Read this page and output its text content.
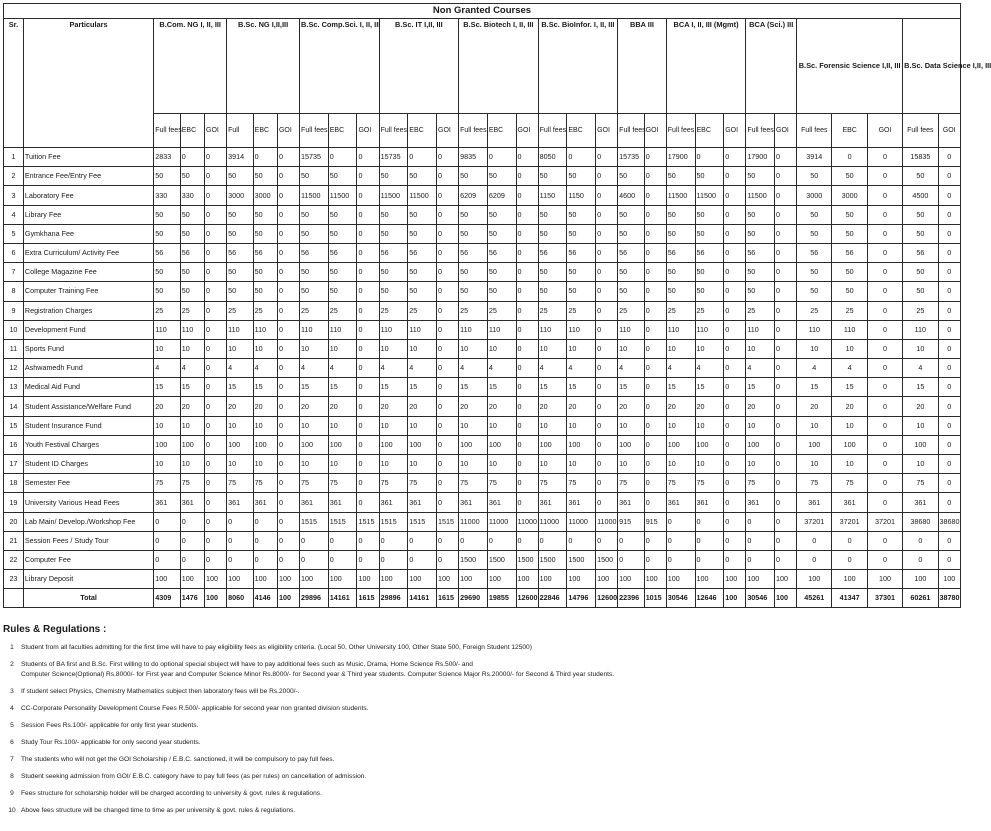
Non Granted Courses																															
Sr.	Particulars	B.Com. NG I, II, III			B.Sc. NG I,II,III			B.Sc. Comp.Sci. I, II, III			B.Sc. IT I,II, III			B.Sc. Biotech I, II, III			B.Sc. BioInfor. I, II, III			BBA III		BCA I, II, III (Mgmt)			BCA (Sci.) III		B.Sc. Forensic Science I,II, III			B.Sc. Data Science I,II, III	
		Full fees	EBC	GOI	Full	EBC	GOI	Full fees	EBC	GOI	Full fees	EBC	GOI	Full fees	EBC	GOI	Full fees	EBC	GOI	Full fees	GOI	Full fees	EBC	GOI	Full fees	GOI	Full fees	EBC	GOI	Full fees	GOI
1	Tuition Fee	2833	0	0	3914	0	0	15735	0	0	15735	0	0	9835	0	0	8050	0	0	15735	0	17900	0	0	17900	0	3914	0	0	15835	0
2	Entrance Fee/Entry Fee	50	50	0	50	50	0	50	50	0	50	50	0	50	50	0	50	50	0	50	0	50	50	0	50	0	50	50	0	50	0
3	Laboratory Fee	330	330	0	3000	3000	0	11500	11500	0	11500	11500	0	6209	6209	0	1150	1150	0	4600	0	11500	11500	0	11500	0	3000	3000	0	4500	0
4	Library Fee	50	50	0	50	50	0	50	50	0	50	50	0	50	50	0	50	50	0	50	0	50	50	0	50	0	50	50	0	50	0
5	Gymkhana Fee	50	50	0	50	50	0	50	50	0	50	50	0	50	50	0	50	50	0	50	0	50	50	0	50	0	50	50	0	50	0
6	Extra Curriculum/ Activity Fee	56	56	0	56	56	0	56	56	0	56	56	0	56	56	0	56	56	0	56	0	56	56	0	56	0	56	56	0	56	0
7	College Magazine Fee	50	50	0	50	50	0	50	50	0	50	50	0	50	50	0	50	50	0	50	0	50	50	0	50	0	50	50	0	50	0
8	Computer Training Fee	50	50	0	50	50	0	50	50	0	50	50	0	50	50	0	50	50	0	50	0	50	50	0	50	0	50	50	0	50	0
9	Registration Charges	25	25	0	25	25	0	25	25	0	25	25	0	25	25	0	25	25	0	25	0	25	25	0	25	0	25	25	0	25	0
10	Development Fund	110	110	0	110	110	0	110	110	0	110	110	0	110	110	0	110	110	0	110	0	110	110	0	110	0	110	110	0	110	0
11	Sports Fund	10	10	0	10	10	0	10	10	0	10	10	0	10	10	0	10	10	0	10	0	10	10	0	10	0	10	10	0	10	0
12	Ashwamedh Fund	4	4	0	4	4	0	4	4	0	4	4	0	4	4	0	4	4	0	4	0	4	4	0	4	0	4	4	0	4	0
13	Medical Aid Fund	15	15	0	15	15	0	15	15	0	15	15	0	15	15	0	15	15	0	15	0	15	15	0	15	0	15	15	0	15	0
14	Student Assistance/Welfare Fund	20	20	0	20	20	0	20	20	0	20	20	0	20	20	0	20	20	0	20	0	20	20	0	20	0	20	20	0	20	0
15	Student Insurance Fund	10	10	0	10	10	0	10	10	0	10	10	0	10	10	0	10	10	0	10	0	10	10	0	10	0	10	10	0	10	0
16	Youth Festival Charges	100	100	0	100	100	0	100	100	0	100	100	0	100	100	0	100	100	0	100	0	100	100	0	100	0	100	100	0	100	0
17	Student ID Charges	10	10	0	10	10	0	10	10	0	10	10	0	10	10	0	10	10	0	10	0	10	10	0	10	0	10	10	0	10	0
18	Semester Fee	75	75	0	75	75	0	75	75	0	75	75	0	75	75	0	75	75	0	75	0	75	75	0	75	0	75	75	0	75	0
19	University Various Head Fees	361	361	0	361	361	0	361	361	0	361	361	0	361	361	0	361	361	0	361	0	361	361	0	361	0	361	361	0	361	0
20	Lab Main/ Develop./Workshop Fee	0	0	0	0	0	0	1515	1515	1515	1515	1515	1515	11000	11000	11000	11000	11000	11000	915	915	0	0	0	0	0	37201	37201	37201	38680	38680
21	Session Fees / Study Tour	0	0	0	0	0	0	0	0	0	0	0	0	0	0	0	0	0	0	0	0	0	0	0	0	0	0	0	0	0	0
22	Computer Fee	0	0	0	0	0	0	0	0	0	0	0	0	1500	1500	1500	1500	1500	1500	0	0	0	0	0	0	0	0	0	0	0	0
23	Library Deposit	100	100	100	100	100	100	100	100	100	100	100	100	100	100	100	100	100	100	100	100	100	100	100	100	100	100	100	100	100	100
	Total	4309	1476	100	8060	4146	100	29896	14161	1615	29896	14161	1615	29690	19855	12600	22846	14796	12600	22396	1015	30546	12646	100	30546	100	45261	41347	37301	60261	38780
Rules & Regulations :
1	Student from all faculties admitting for the first time will have to pay eligibility fees as eligibility criteria. (Local 50, Other University 100, Other State 500, Foreign Student 12500)
2	Students of BA first and B.Sc. First willing to do optional special sbuject will have to pay additional fees such as Music, Drama, Home Science Rs.500/- and
Computer Science(Optional) Rs.8000/- for First year and Computer Science Minor Rs.8000/- for Second year & Third year students. Computer Science Major Rs.20000/- for Second & Third year students.
3	If student select Physics, Chemistry Mathematics subject then laboratory fees will be Rs.2000/-.
4	CC-Corporate Personality Development Course Fees R.500/- applicable for second year non granted division students.
5	Session Fees Rs.100/- applicable for only first year students.
6	Study Tour Rs.100/- applicable for only second year students.
7	The students who will not get the GOI Scholarship / E.B.C. sanctioned, it will be compulsory to pay full fees.
8	Student seeking admission from GOI/ E.B.C. category have to pay full fees (as per rules) on cancellation of admission.
9	Fees structure for scholarship holder will be charged according to university & govt. rules & regulations.
10 Above fees structure will be changed time to time as per university & govt. rules & regulations.
